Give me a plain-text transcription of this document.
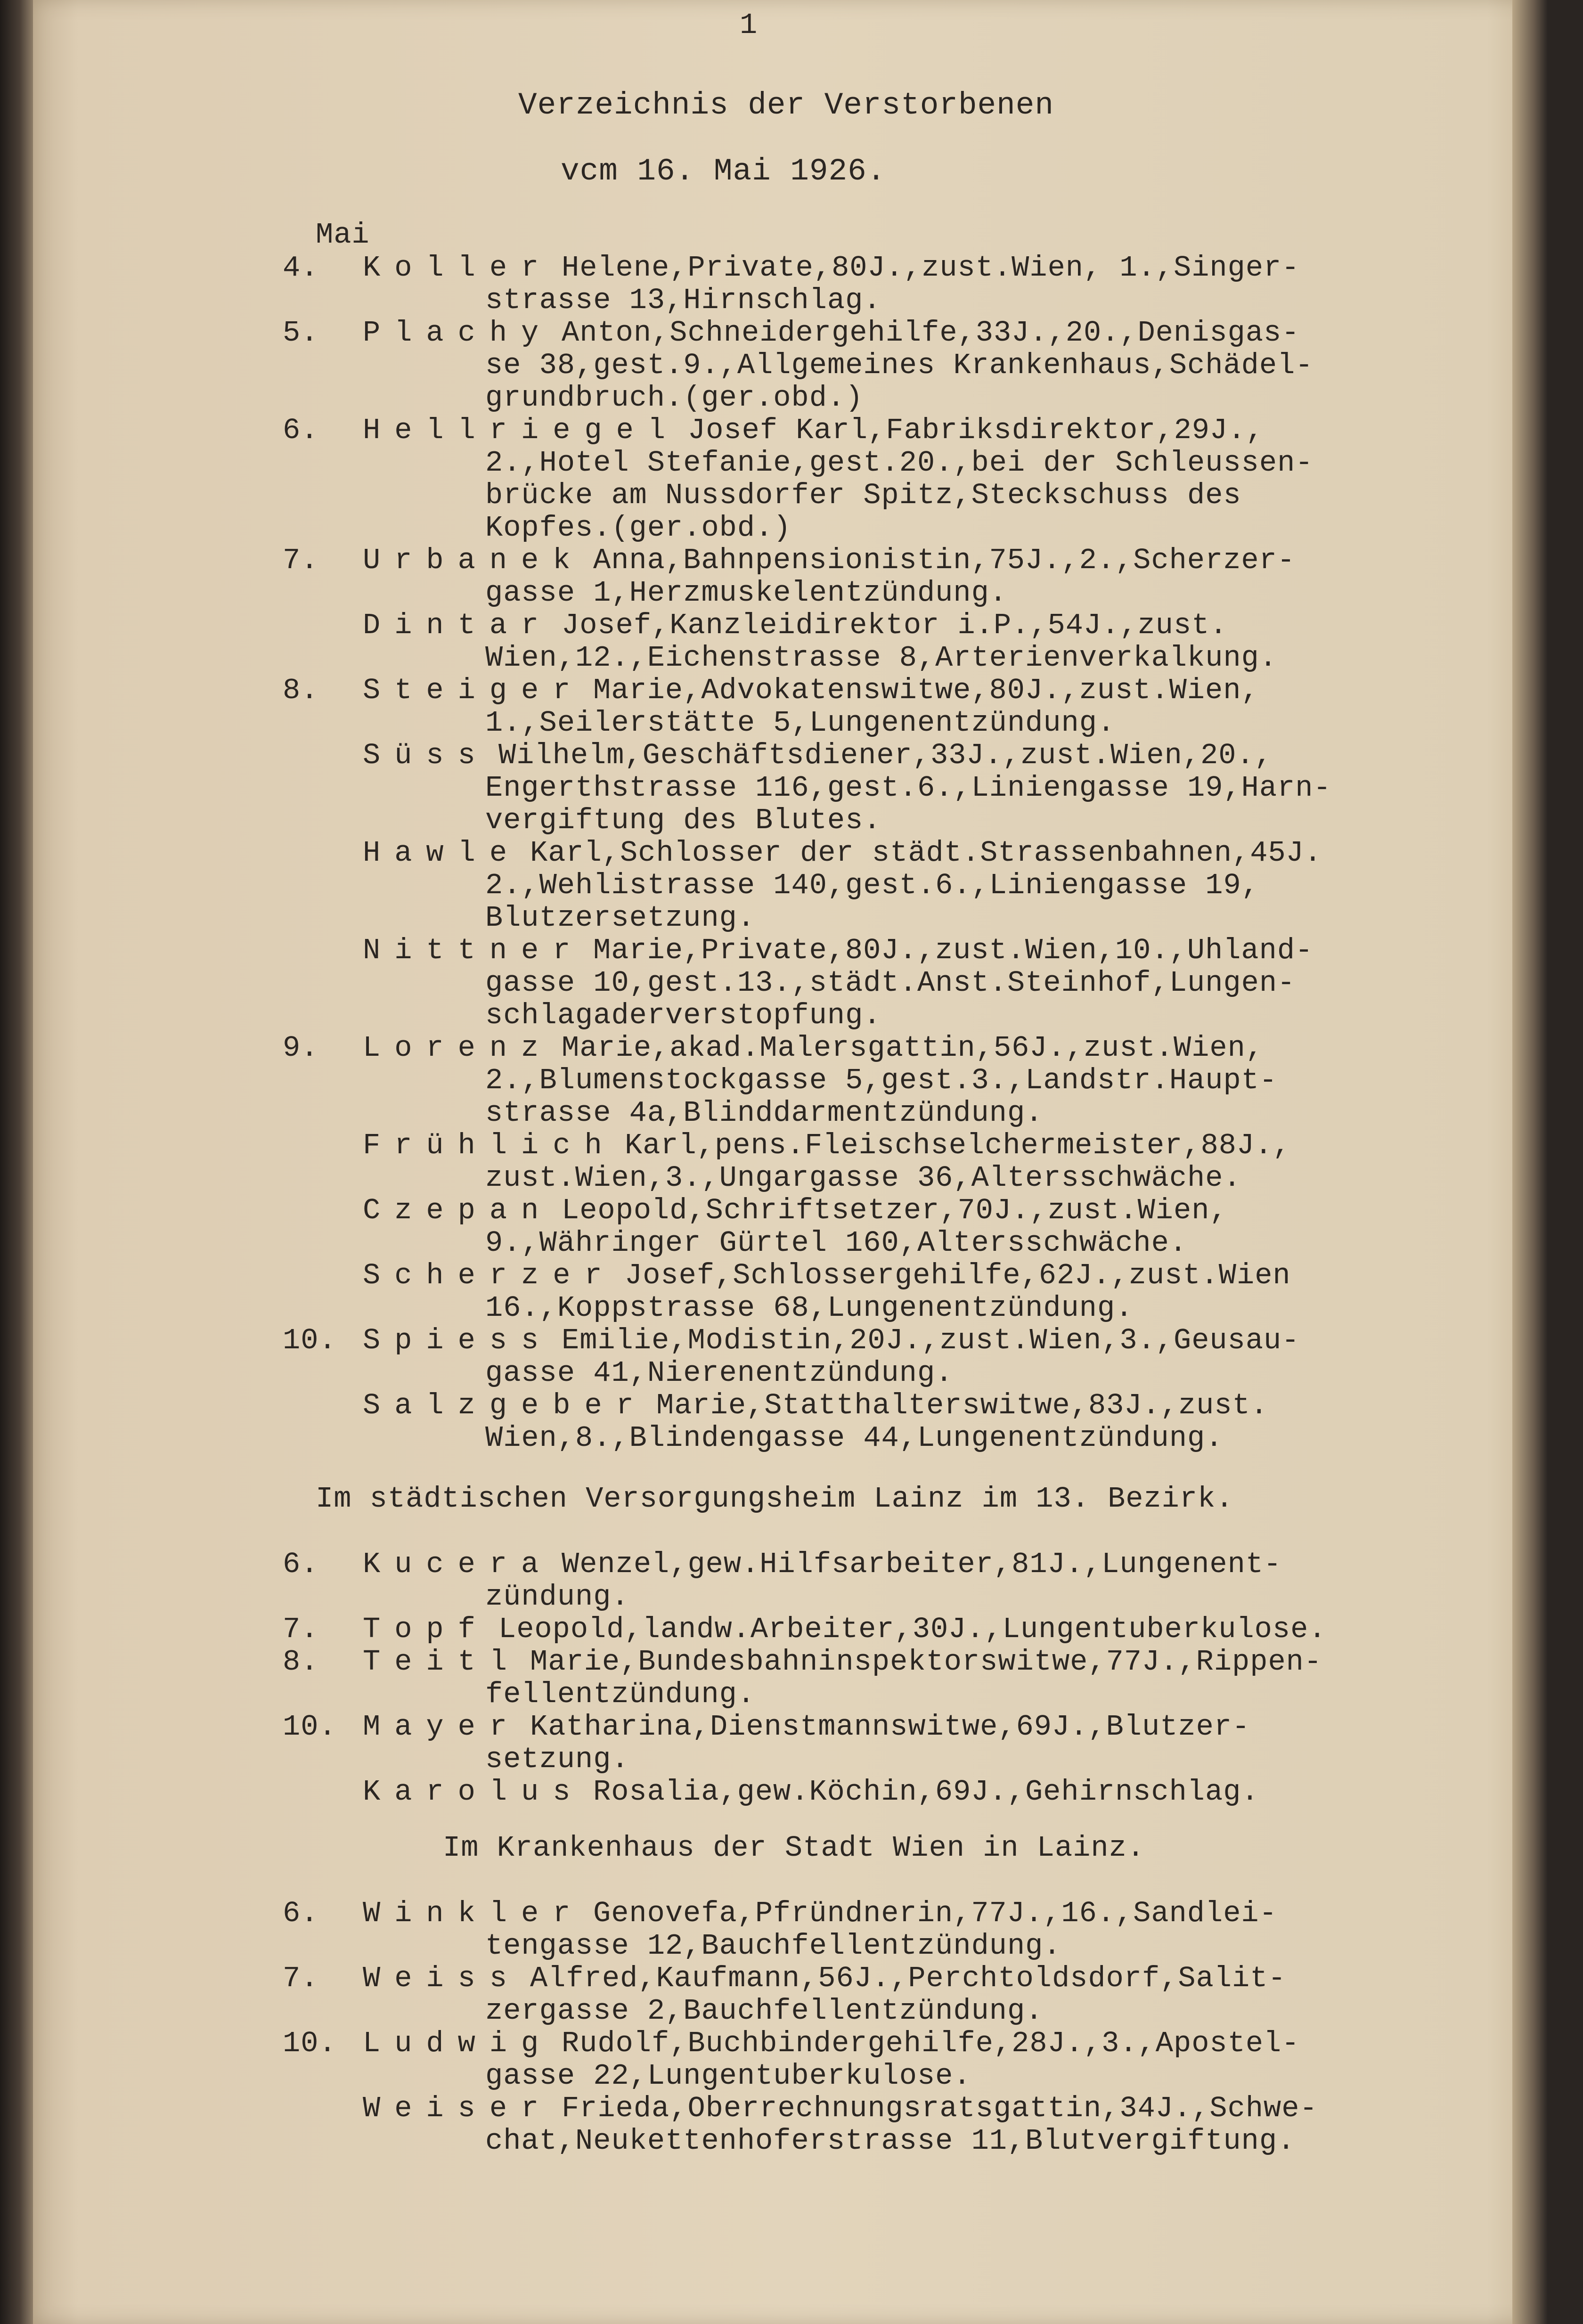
1
Verzeichnis der Verstorbenen
vcm 16. Mai 1926.
Mai
4. Koller Helene,Private,80J.,zust.Wien, 1.,Singer-
strasse 13,Hirnschlag.
5. Plachy Anton,Schneidergehilfe,33J.,20.,Denisgas-
se 38,gest.9.,Allgemeines Krankenhaus,Schädel-
grundbruch.(ger.obd.)
6. Hellriegel Josef Karl,Fabriksdirektor,29J.,
2.,Hotel Stefanie,gest.20.,bei der Schleussen-
brücke am Nussdorfer Spitz,Steckschuss des
Kopfes.(ger.obd.)
7. Urbanek Anna,Bahnpensionistin,75J.,2.,Scherzer-
gasse 1,Herzmuskelentzündung.
Dintar Josef,Kanzleidirektor i.P.,54J.,zust.
Wien,12.,Eichenstrasse 8,Arterienverkalkung.
8. Steiger Marie,Advokatenswitwe,80J.,zust.Wien,
1.,Seilerstätte 5,Lungenentzündung.
Süss Wilhelm,Geschäftsdiener,33J.,zust.Wien,20.,
Engerthstrasse 116,gest.6.,Liniengasse 19,Harn-
vergiftung des Blutes.
Hawle Karl,Schlosser der städt.Strassenbahnen,45J.
2.,Wehlistrasse 140,gest.6.,Liniengasse 19,
Blutzersetzung.
Nittner Marie,Private,80J.,zust.Wien,10.,Uhland-
gasse 10,gest.13.,städt.Anst.Steinhof,Lungen-
schlagaderverstopfung.
9. Lorenz Marie,akad.Malersgattin,56J.,zust.Wien,
2.,Blumenstockgasse 5,gest.3.,Landstr.Haupt-
strasse 4a,Blinddarmentzündung.
Frühlich Karl,pens.Fleischselchermeister,88J.,
zust.Wien,3.,Ungargasse 36,Altersschwäche.
Czepan Leopold,Schriftsetzer,70J.,zust.Wien,
9.,Währinger Gürtel 160,Altersschwäche.
Scherzer Josef,Schlossergehilfe,62J.,zust.Wien
16.,Koppstrasse 68,Lungenentzündung.
10. Spiess Emilie,Modistin,20J.,zust.Wien,3.,Geusau-
gasse 41,Nierenentzündung.
Salzgeber Marie,Statthalterswitwe,83J.,zust.
Wien,8.,Blindengasse 44,Lungenentzündung.
Im städtischen Versorgungsheim Lainz im 13. Bezirk.
6. Kucera Wenzel,gew.Hilfsarbeiter,81J.,Lungenent-
zündung.
7. Topf Leopold,landw.Arbeiter,30J.,Lungentuberkulose.
8. Teitl Marie,Bundesbahninspektorswitwe,77J.,Rippen-
fellentzündung.
10. Mayer Katharina,Dienstmannswitwe,69J.,Blutzer-
setzung.
Karolus Rosalia,gew.Köchin,69J.,Gehirnschlag.
Im Krankenhaus der Stadt Wien in Lainz.
6. Winkler Genovefa,Pfründnerin,77J.,16.,Sandlei-
tengasse 12,Bauchfellentzündung.
7. Weiss Alfred,Kaufmann,56J.,Perchtoldsdorf,Salit-
zergasse 2,Bauchfellentzündung.
10. Ludwig Rudolf,Buchbindergehilfe,28J.,3.,Apostel-
gasse 22,Lungentuberkulose.
Weiser Frieda,Oberrechnungsratsgattin,34J.,Schwe-
chat,Neukettenhoferstrasse 11,Blutvergiftung.
